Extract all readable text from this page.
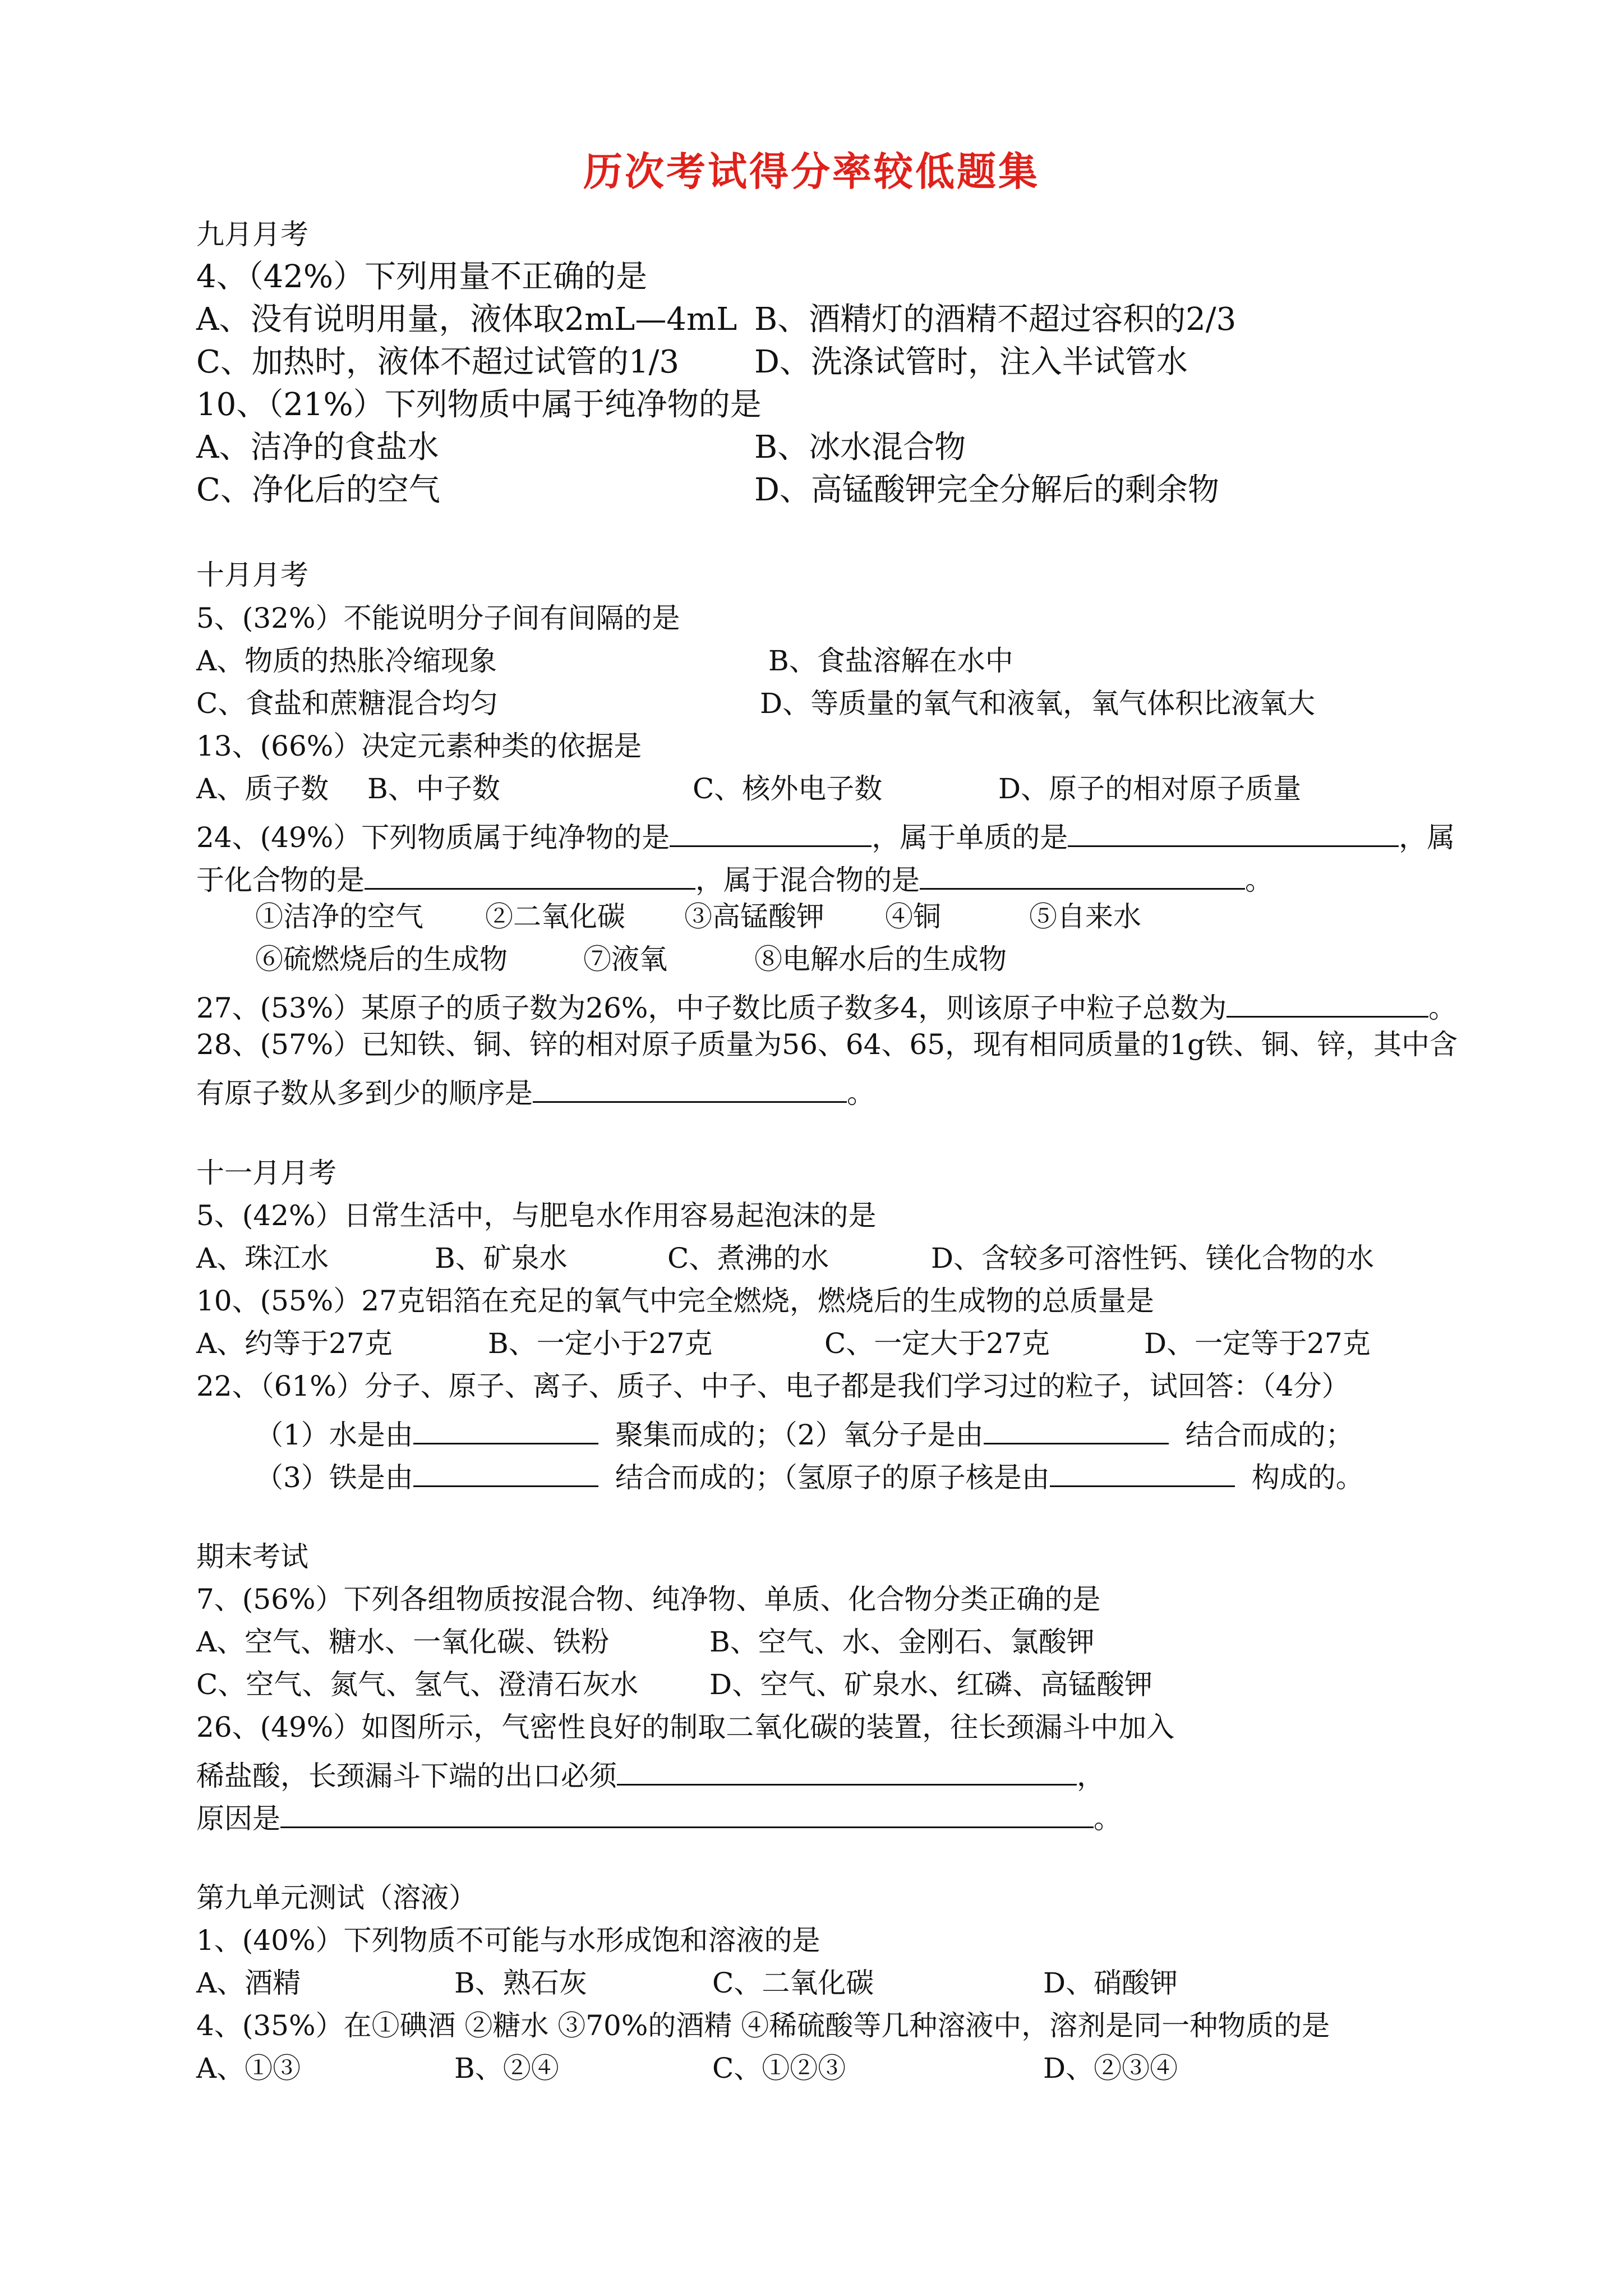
历次考试得分率较低题集
九月月考
4、（42%）下列用量不正确的是
A、没有说明用量，液体取2mL—4mL B、酒精灯的酒精不超过容积的2/3
C、加热时，液体不超过试管的1/3 D、洗涤试管时，注入半试管水
10、（21%）下列物质中属于纯净物的是
A、洁净的食盐水	B、冰水混合物
C、净化后的空气	D、高锰酸钾完全分解后的剩余物
十月月考
5、(32%）不能说明分子间有间隔的是
A、物质的热胀冷缩现象	B、食盐溶解在水中
C、食盐和蔗糖混合均匀	D、等质量的氧气和液氧，氧气体积比液氧大
13、(66%）决定元素种类的依据是
A、质子数 B、中子数	C、核外电子数	D、原子的相对原子质量
24、(49%）下列物质属于纯净物的是	，属于单质的是	，属
于化合物的是	，属于混合物的是	。
①洁净的空气 ②二氧化碳 ③高锰酸钾 ④铜	⑤自来水
⑥硫燃烧后的生成物	⑦液氧	⑧电解水后的生成物
27、(53%）某原子的质子数为26%，中子数比质子数多4，则该原子中粒子总数为	。
28、(57%）已知铁、铜、锌的相对原子质量为56、64、65，现有相同质量的1g铁、铜、锌，其中含
有原子数从多到少的顺序是	。
十一月月考
5、(42%）日常生活中，与肥皂水作用容易起泡沫的是
A、珠江水	B、矿泉水	C、煮沸的水	D、含较多可溶性钙、镁化合物的水
10、(55%）27克铝箔在充足的氧气中完全燃烧，燃烧后的生成物的总质量是
A、约等于27克	B、一定小于27克	C、一定大于27克	D、一定等于27克
22、（61%）分子、原子、离子、质子、中子、电子都是我们学习过的粒子，试回答：（4分）
（1）水是由	聚集而成的；（2）氧分子是由	结合而成的；
（3）铁是由	结合而成的；（氢原子的原子核是由	构成的。
期末考试
7、(56%）下列各组物质按混合物、纯净物、单质、化合物分类正确的是
A、空气、糖水、一氧化碳、铁粉	B、空气、水、金刚石、氯酸钾
C、空气、氮气、氢气、澄清石灰水	D、空气、矿泉水、红磷、高锰酸钾
26、(49%）如图所示，气密性良好的制取二氧化碳的装置，往长颈漏斗中加入
稀盐酸，长颈漏斗下端的出口必须	，
原因是	。
第九单元测试（溶液）
1、(40%）下列物质不可能与水形成饱和溶液的是
A、酒精	B、熟石灰	C、二氧化碳	D、硝酸钾
4、(35%）在①碘酒 ②糖水 ③70%的酒精 ④稀硫酸等几种溶液中，溶剂是同一种物质的是
A、①③	B、②④	C、①②③	D、②③④
